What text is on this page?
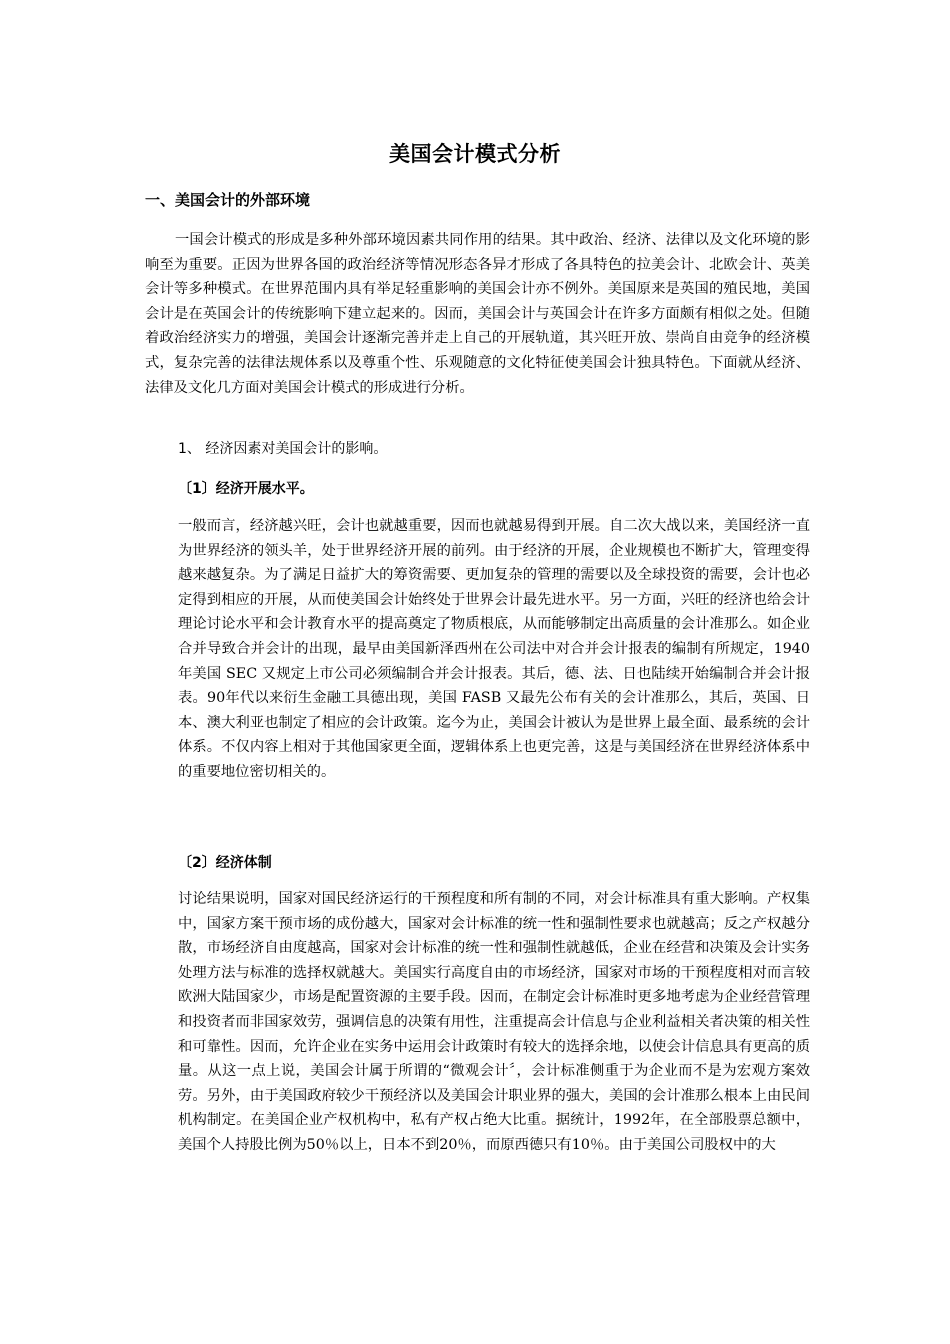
美国会计模式分析
一、美国会计的外部环境

一国会计模式的形成是多种外部环境因素共同作用的结果。其中政治、经济、法律以及文化环境的影响至为重要。正因为世界各国的政治经济等情况形态各异才形成了各具特色的拉美会计、北欧会计、英美会计等多种模式。在世界范围内具有举足轻重影响的美国会计亦不例外。美国原来是英国的殖民地，美国会计是在英国会计的传统影响下建立起来的。因而，美国会计与英国会计在许多方面颇有相似之处。但随着政治经济实力的增强，美国会计逐渐完善并走上自己的开展轨道，其兴旺开放、崇尚自由竞争的经济模式，复杂完善的法律法规体系以及尊重个性、乐观随意的文化特征使美国会计独具特色。下面就从经济、法律及文化几方面对美国会计模式的形成进行分析。

1、 经济因素对美国会计的影响。

〔1〕经济开展水平。

一般而言，经济越兴旺，会计也就越重要，因而也就越易得到开展。自二次大战以来，美国经济一直为世界经济的领头羊，处于世界经济开展的前列。由于经济的开展，企业规模也不断扩大，管理变得越来越复杂。为了满足日益扩大的筹资需要、更加复杂的管理的需要以及全球投资的需要，会计也必定得到相应的开展，从而使美国会计始终处于世界会计最先进水平。另一方面，兴旺的经济也给会计理论讨论水平和会计教育水平的提高奠定了物质根底，从而能够制定出高质量的会计准那么。如企业合并导致合并会计的出现，最早由美国新泽西州在公司法中对合并会计报表的编制有所规定，1940年美国 SEC 又规定上市公司必须编制合并会计报表。其后，德、法、日也陆续开始编制合并会计报表。90年代以来衍生金融工具德出现，美国 FASB 又最先公布有关的会计准那么，其后，英国、日本、澳大利亚也制定了相应的会计政策。迄今为止，美国会计被认为是世界上最全面、最系统的会计体系。不仅内容上相对于其他国家更全面，逻辑体系上也更完善，这是与美国经济在世界经济体系中的重要地位密切相关的。

〔2〕经济体制

讨论结果说明，国家对国民经济运行的干预程度和所有制的不同，对会计标准具有重大影响。产权集中，国家方案干预市场的成份越大，国家对会计标准的统一性和强制性要求也就越高；反之产权越分散，市场经济自由度越高，国家对会计标准的统一性和强制性就越低，企业在经营和决策及会计实务处理方法与标准的选择权就越大。美国实行高度自由的市场经济，国家对市场的干预程度相对而言较欧洲大陆国家少，市场是配置资源的主要手段。因而，在制定会计标准时更多地考虑为企业经营管理和投资者而非国家效劳，强调信息的决策有用性，注重提高会计信息与企业利益相关者决策的相关性和可靠性。因而，允许企业在实务中运用会计政策时有较大的选择余地，以使会计信息具有更高的质量。从这一点上说，美国会计属于所谓的“微观会计〞，会计标准侧重于为企业而不是为宏观方案效劳。另外，由于美国政府较少干预经济以及美国会计职业界的强大，美国的会计准那么根本上由民间机构制定。在美国企业产权机构中，私有产权占绝大比重。据统计，1992年，在全部股票总额中，美国个人持股比例为50％以上，日本不到20％，而原西德只有10％。由于美国公司股权中的大
